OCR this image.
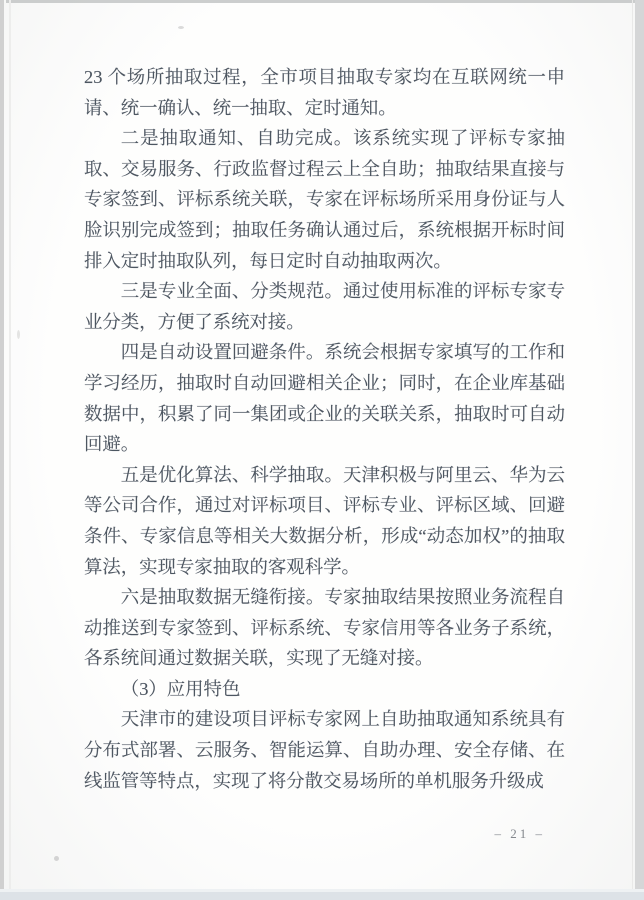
23 个场所抽取过程，全市项目抽取专家均在互联网统一申请、统一确认、统一抽取、定时通知。

二是抽取通知、自助完成。该系统实现了评标专家抽取、交易服务、行政监督过程云上全自助；抽取结果直接与专家签到、评标系统关联，专家在评标场所采用身份证与人脸识别完成签到；抽取任务确认通过后，系统根据开标时间排入定时抽取队列，每日定时自动抽取两次。

三是专业全面、分类规范。通过使用标准的评标专家专业分类，方便了系统对接。

四是自动设置回避条件。系统会根据专家填写的工作和学习经历，抽取时自动回避相关企业；同时，在企业库基础数据中，积累了同一集团或企业的关联关系，抽取时可自动回避。

五是优化算法、科学抽取。天津积极与阿里云、华为云等公司合作，通过对评标项目、评标专业、评标区域、回避条件、专家信息等相关大数据分析，形成“动态加权”的抽取算法，实现专家抽取的客观科学。

六是抽取数据无缝衔接。专家抽取结果按照业务流程自动推送到专家签到、评标系统、专家信用等各业务子系统，各系统间通过数据关联，实现了无缝对接。

（3）应用特色

天津市的建设项目评标专家网上自助抽取通知系统具有分布式部署、云服务、智能运算、自助办理、安全存储、在线监管等特点，实现了将分散交易场所的单机服务升级成

– 21 –
